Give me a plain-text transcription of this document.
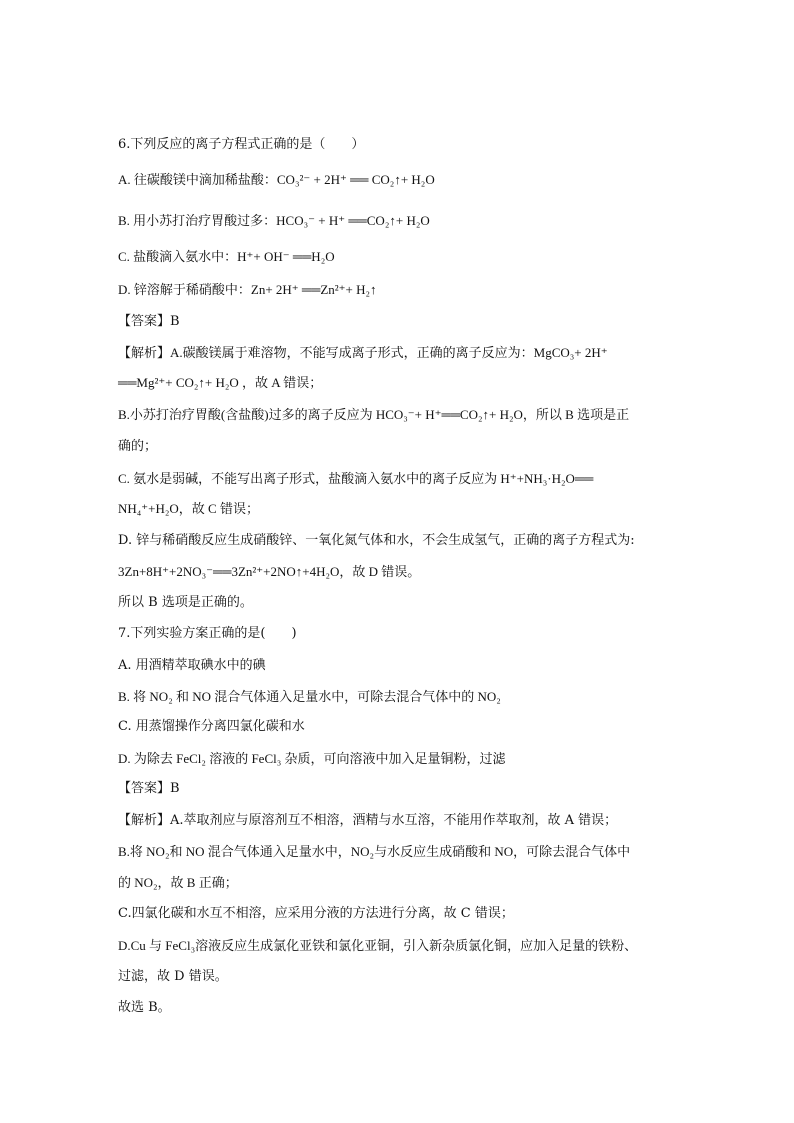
6.下列反应的离子方程式正确的是（　　）
A. 往碳酸镁中滴加稀盐酸：CO₃²⁻ + 2H⁺ ══ CO₂↑+ H₂O
B. 用小苏打治疗胃酸过多：HCO₃⁻ + H⁺ ══CO₂↑+ H₂O
C. 盐酸滴入氨水中：H⁺+ OH⁻ ══H₂O
D. 锌溶解于稀硝酸中：Zn+ 2H⁺ ══Zn²⁺+ H₂↑
【答案】B
【解析】A.碳酸镁属于难溶物，不能写成离子形式，正确的离子反应为：MgCO₃+ 2H⁺
══Mg²⁺+ CO₂↑+ H₂O ，故 A 错误；
B.小苏打治疗胃酸(含盐酸)过多的离子反应为 HCO₃⁻+ H⁺══CO₂↑+ H₂O，所以 B 选项是正
确的；
C. 氨水是弱碱，不能写出离子形式，盐酸滴入氨水中的离子反应为 H⁺+NH₃·H₂O══
NH₄⁺+H₂O，故 C 错误；
D. 锌与稀硝酸反应生成硝酸锌、一氧化氮气体和水，不会生成氢气，正确的离子方程式为:
3Zn+8H⁺+2NO₃⁻══3Zn²⁺+2NO↑+4H₂O，故 D 错误。
所以 B 选项是正确的。
7.下列实验方案正确的是(　　)
A. 用酒精萃取碘水中的碘
B. 将 NO₂ 和 NO 混合气体通入足量水中，可除去混合气体中的 NO₂
C. 用蒸馏操作分离四氯化碳和水
D. 为除去 FeCl₂ 溶液的 FeCl₃ 杂质，可向溶液中加入足量铜粉，过滤
【答案】B
【解析】A.萃取剂应与原溶剂互不相溶，酒精与水互溶，不能用作萃取剂，故 A 错误；
B.将 NO₂和 NO 混合气体通入足量水中，NO₂与水反应生成硝酸和 NO，可除去混合气体中
的 NO₂，故 B 正确；
C.四氯化碳和水互不相溶，应采用分液的方法进行分离，故 C 错误；
D.Cu 与 FeCl₃溶液反应生成氯化亚铁和氯化亚铜，引入新杂质氯化铜，应加入足量的铁粉、
过滤，故 D 错误。
故选 B。
